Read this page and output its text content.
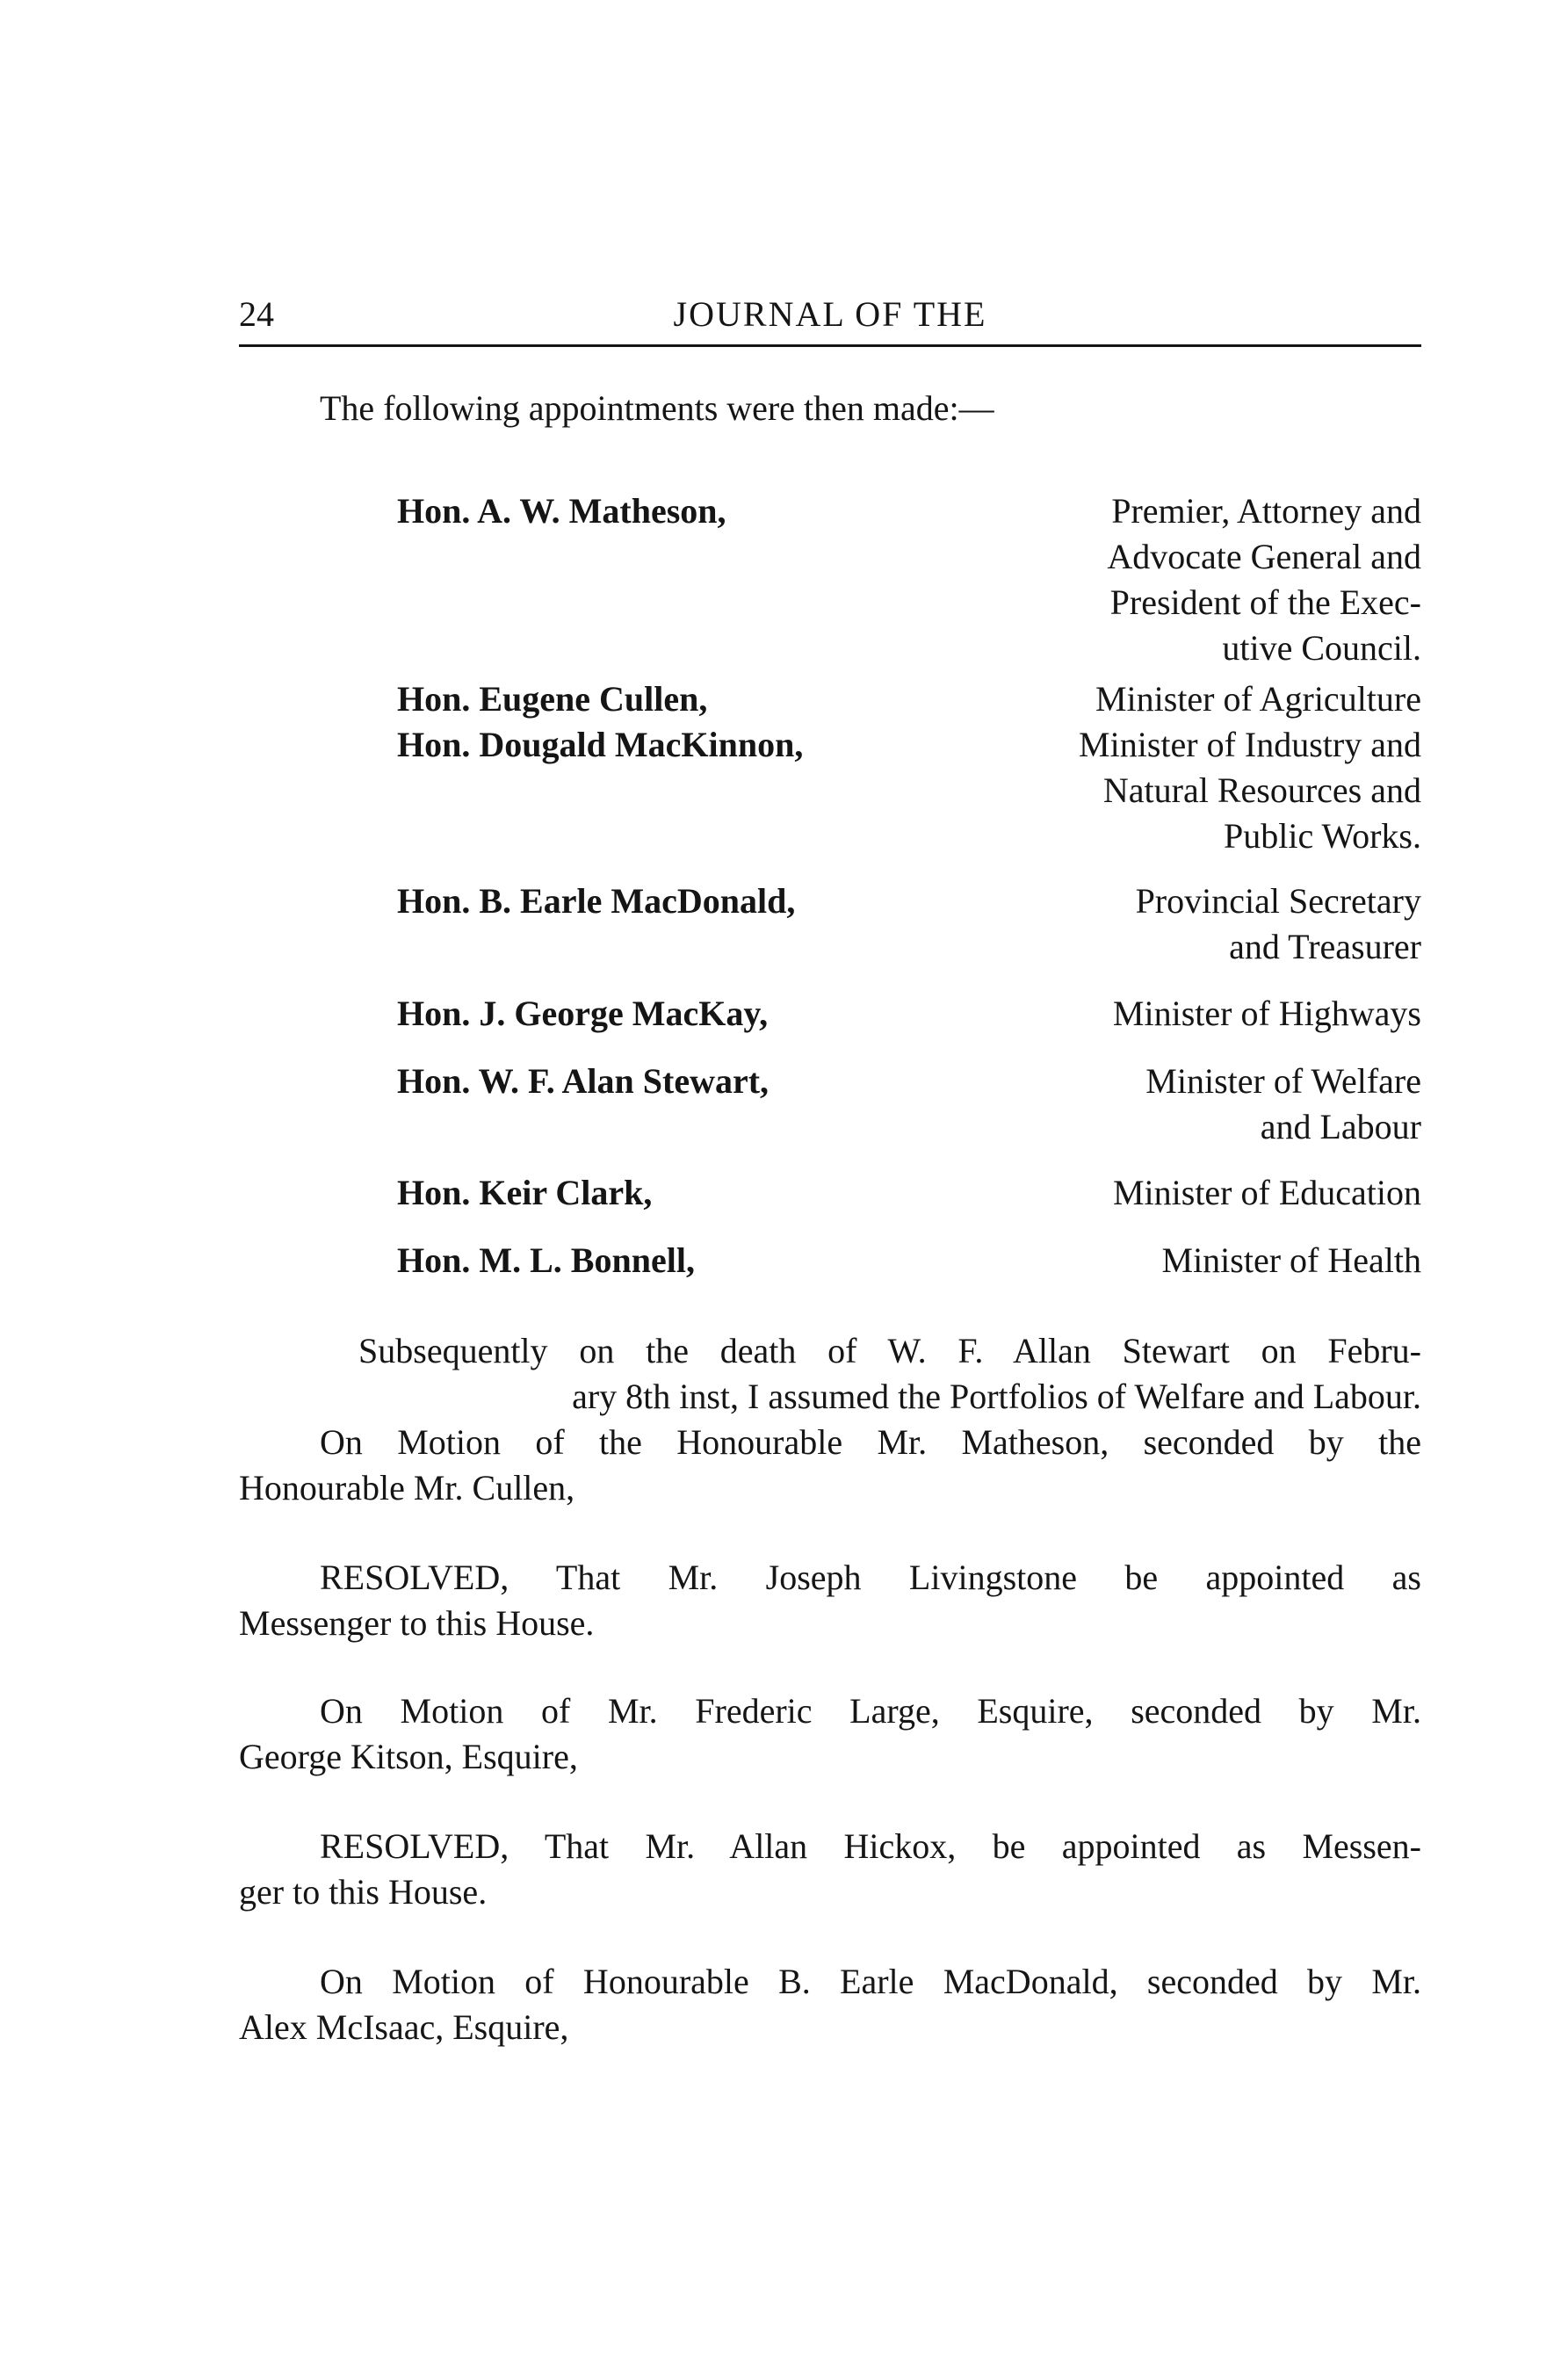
24	JOURNAL OF THE
The following appointments were then made:—
Hon. A. W. Matheson,	Premier, Attorney and
Advocate General and
President of the Exec-
utive Council.
Hon. Eugene Cullen,	Minister of Agriculture
Hon. Dougald MacKinnon,	Minister of Industry and
Natural Resources and
Public Works.
Hon. B. Earle MacDonald,	Provincial Secretary
and Treasurer
Hon. J. George MacKay,	Minister of Highways
Hon. W. F. Alan Stewart,	Minister of Welfare
and Labour
Hon. Keir Clark,	Minister of Education
Hon. M. L. Bonnell,	Minister of Health
Subsequently on the death of W. F. Allan Stewart on Febru-
ary 8th inst, I assumed the Portfolios of Welfare and Labour.
On Motion of the Honourable Mr. Matheson, seconded by the
Honourable Mr. Cullen,
RESOLVED, That Mr. Joseph Livingstone be appointed as
Messenger to this House.
On Motion of Mr. Frederic Large, Esquire, seconded by Mr.
George Kitson, Esquire,
RESOLVED, That Mr. Allan Hickox, be appointed as Messen-
ger to this House.
On Motion of Honourable B. Earle MacDonald, seconded by Mr.
Alex McIsaac, Esquire,
